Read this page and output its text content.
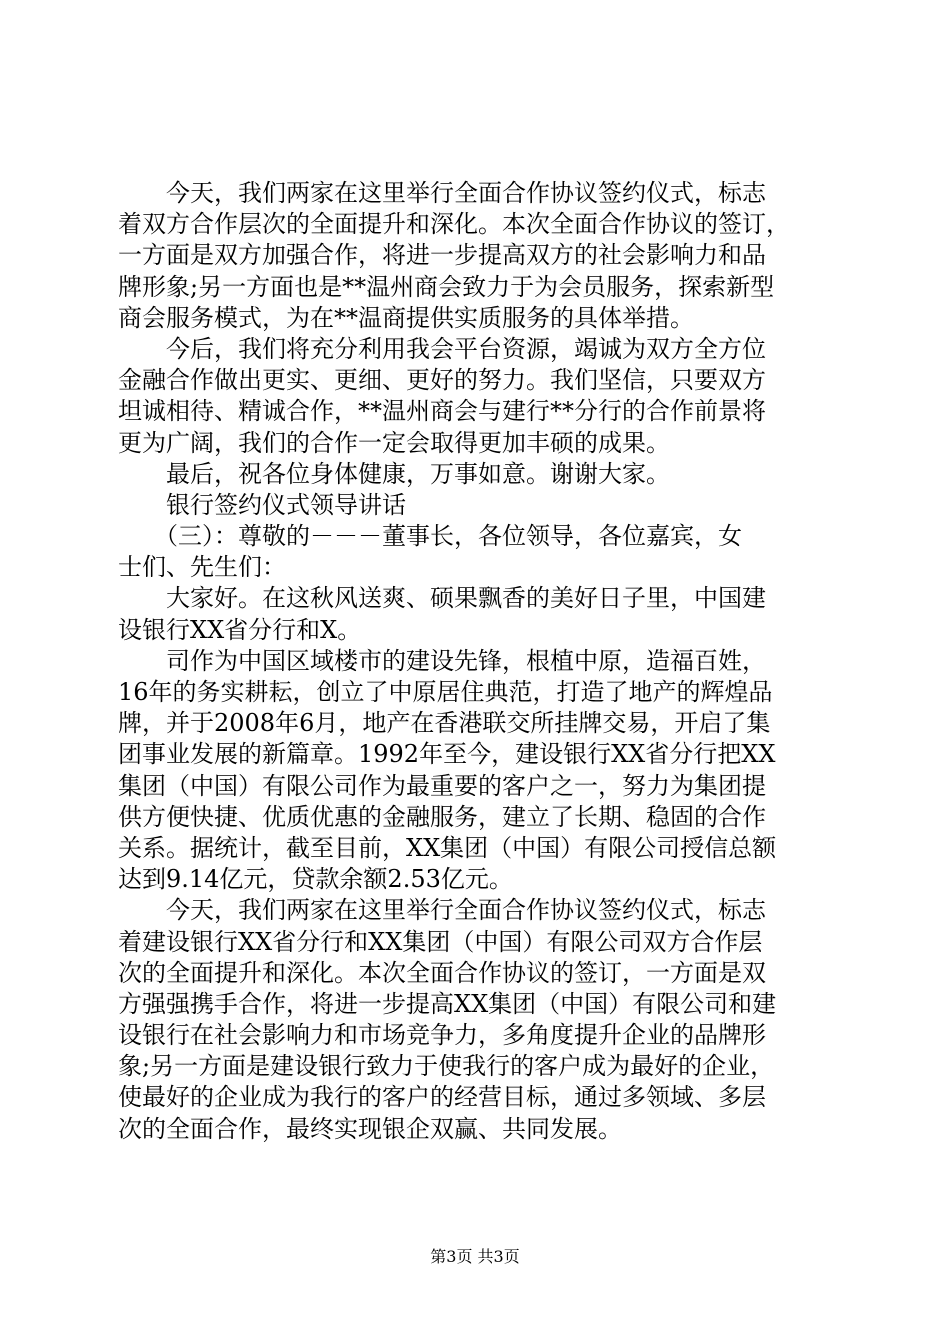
　　今天，我们两家在这里举行全面合作协议签约仪式，标志
着双方合作层次的全面提升和深化。本次全面合作协议的签订，
一方面是双方加强合作，将进一步提高双方的社会影响力和品
牌形象;另一方面也是**温州商会致力于为会员服务，探索新型
商会服务模式，为在**温商提供实质服务的具体举措。
　　今后，我们将充分利用我会平台资源，竭诚为双方全方位
金融合作做出更实、更细、更好的努力。我们坚信，只要双方
坦诚相待、精诚合作，**温州商会与建行**分行的合作前景将
更为广阔，我们的合作一定会取得更加丰硕的成果。
　　最后，祝各位身体健康，万事如意。谢谢大家。
　　银行签约仪式领导讲话
　　（三）：尊敬的－－－董事长，各位领导，各位嘉宾，女
士们、先生们：
　　大家好。在这秋风送爽、硕果飘香的美好日子里，中国建
设银行XX省分行和X。
　　司作为中国区域楼市的建设先锋，根植中原，造福百姓，
16年的务实耕耘，创立了中原居住典范，打造了地产的辉煌品
牌，并于2008年6月，地产在香港联交所挂牌交易，开启了集
团事业发展的新篇章。1992年至今，建设银行XX省分行把XX
集团（中国）有限公司作为最重要的客户之一，努力为集团提
供方便快捷、优质优惠的金融服务，建立了长期、稳固的合作
关系。据统计，截至目前，XX集团（中国）有限公司授信总额
达到9.14亿元，贷款余额2.53亿元。
　　今天，我们两家在这里举行全面合作协议签约仪式，标志
着建设银行XX省分行和XX集团（中国）有限公司双方合作层
次的全面提升和深化。本次全面合作协议的签订，一方面是双
方强强携手合作，将进一步提高XX集团（中国）有限公司和建
设银行在社会影响力和市场竞争力，多角度提升企业的品牌形
象;另一方面是建设银行致力于使我行的客户成为最好的企业，
使最好的企业成为我行的客户的经营目标，通过多领域、多层
次的全面合作，最终实现银企双赢、共同发展。
第3页 共3页
